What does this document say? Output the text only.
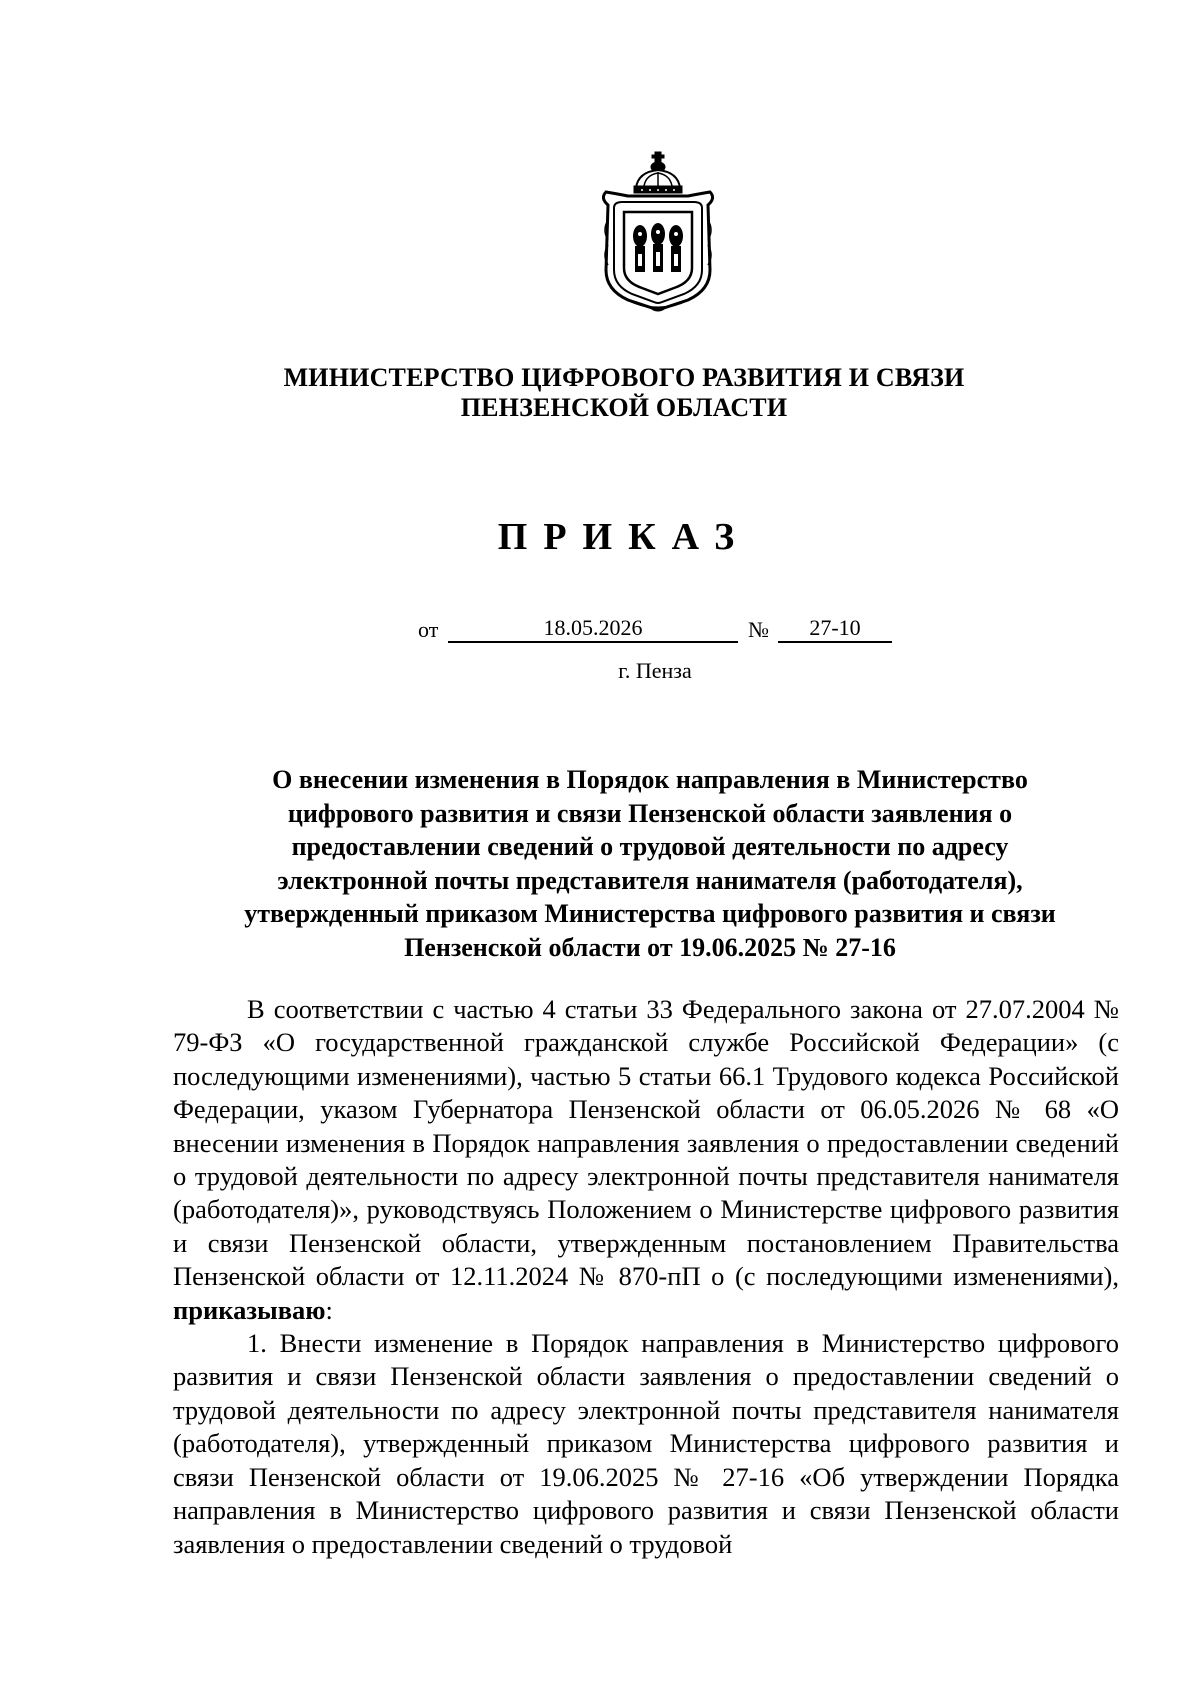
МИНИСТЕРСТВО ЦИФРОВОГО РАЗВИТИЯ И СВЯЗИ
ПЕНЗЕНСКОЙ ОБЛАСТИ
ПРИКАЗ
от	18.05.2026	№	27-10
г. Пенза
О внесении изменения в Порядок направления в Министерство цифрового развития и связи Пензенской области заявления о предоставлении сведений о трудовой деятельности по адресу электронной почты представителя нанимателя (работодателя), утвержденный приказом Министерства цифрового развития и связи Пензенской области от 19.06.2025 № 27-16

В соответствии с частью 4 статьи 33 Федерального закона от 27.07.2004 № 79-ФЗ «О государственной гражданской службе Российской Федерации» (с последующими изменениями), частью 5 статьи 66.1 Трудового кодекса Российской Федерации, указом Губернатора Пензенской области от 06.05.2026 № 68 «О внесении изменения в Порядок направления заявления о предоставлении сведений о трудовой деятельности по адресу электронной почты представителя нанимателя (работодателя)», руководствуясь Положением о Министерстве цифрового развития и связи Пензенской области, утвержденным постановлением Правительства Пензенской области от 12.11.2024 № 870-пП о (с последующими изменениями), приказываю:

1. Внести изменение в Порядок направления в Министерство цифрового развития и связи Пензенской области заявления о предоставлении сведений о трудовой деятельности по адресу электронной почты представителя нанимателя (работодателя), утвержденный приказом Министерства цифрового развития и связи Пензенской области от 19.06.2025 № 27-16 «Об утверждении Порядка направления в Министерство цифрового развития и связи Пензенской области заявления о предоставлении сведений о трудовой
